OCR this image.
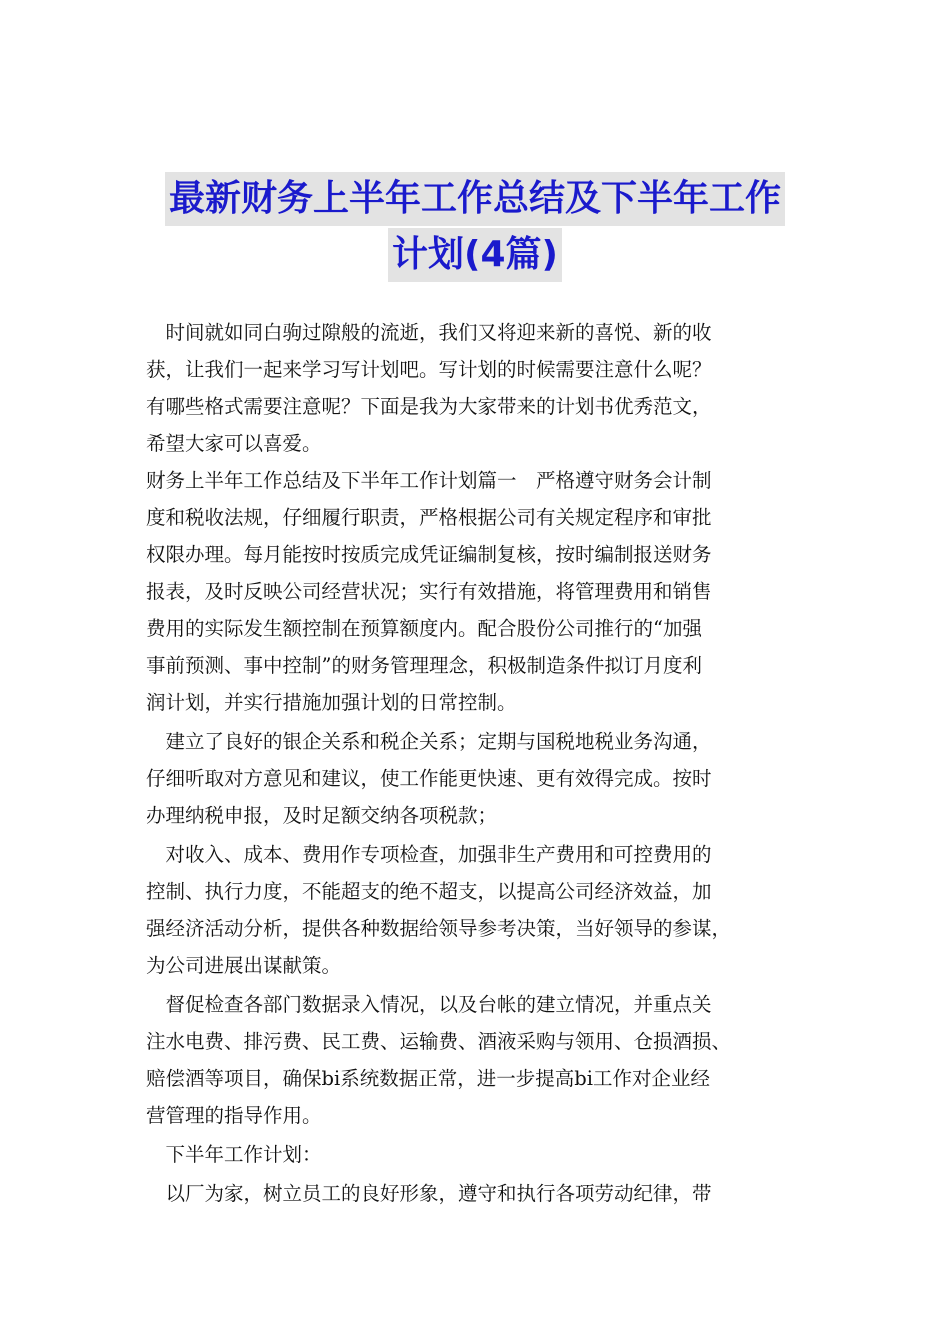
最新财务上半年工作总结及下半年工作
计划(4篇)
　时间就如同白驹过隙般的流逝，我们又将迎来新的喜悦、新的收
获，让我们一起来学习写计划吧。写计划的时候需要注意什么呢？
有哪些格式需要注意呢？下面是我为大家带来的计划书优秀范文，
希望大家可以喜爱。
财务上半年工作总结及下半年工作计划篇一　严格遵守财务会计制
度和税收法规，仔细履行职责，严格根据公司有关规定程序和审批
权限办理。每月能按时按质完成凭证编制复核，按时编制报送财务
报表，及时反映公司经营状况；实行有效措施，将管理费用和销售
费用的实际发生额控制在预算额度内。配合股份公司推行的“加强
事前预测、事中控制”的财务管理理念，积极制造条件拟订月度利
润计划，并实行措施加强计划的日常控制。
　建立了良好的银企关系和税企关系；定期与国税地税业务沟通，
仔细听取对方意见和建议，使工作能更快速、更有效得完成。按时
办理纳税申报，及时足额交纳各项税款；
　对收入、成本、费用作专项检查，加强非生产费用和可控费用的
控制、执行力度，不能超支的绝不超支，以提高公司经济效益，加
强经济活动分析，提供各种数据给领导参考决策，当好领导的参谋，
为公司进展出谋献策。
　督促检查各部门数据录入情况，以及台帐的建立情况，并重点关
注水电费、排污费、民工费、运输费、酒液采购与领用、仓损酒损、
赔偿酒等项目，确保bi系统数据正常，进一步提高bi工作对企业经
营管理的指导作用。
　下半年工作计划：
　以厂为家，树立员工的良好形象，遵守和执行各项劳动纪律，带
